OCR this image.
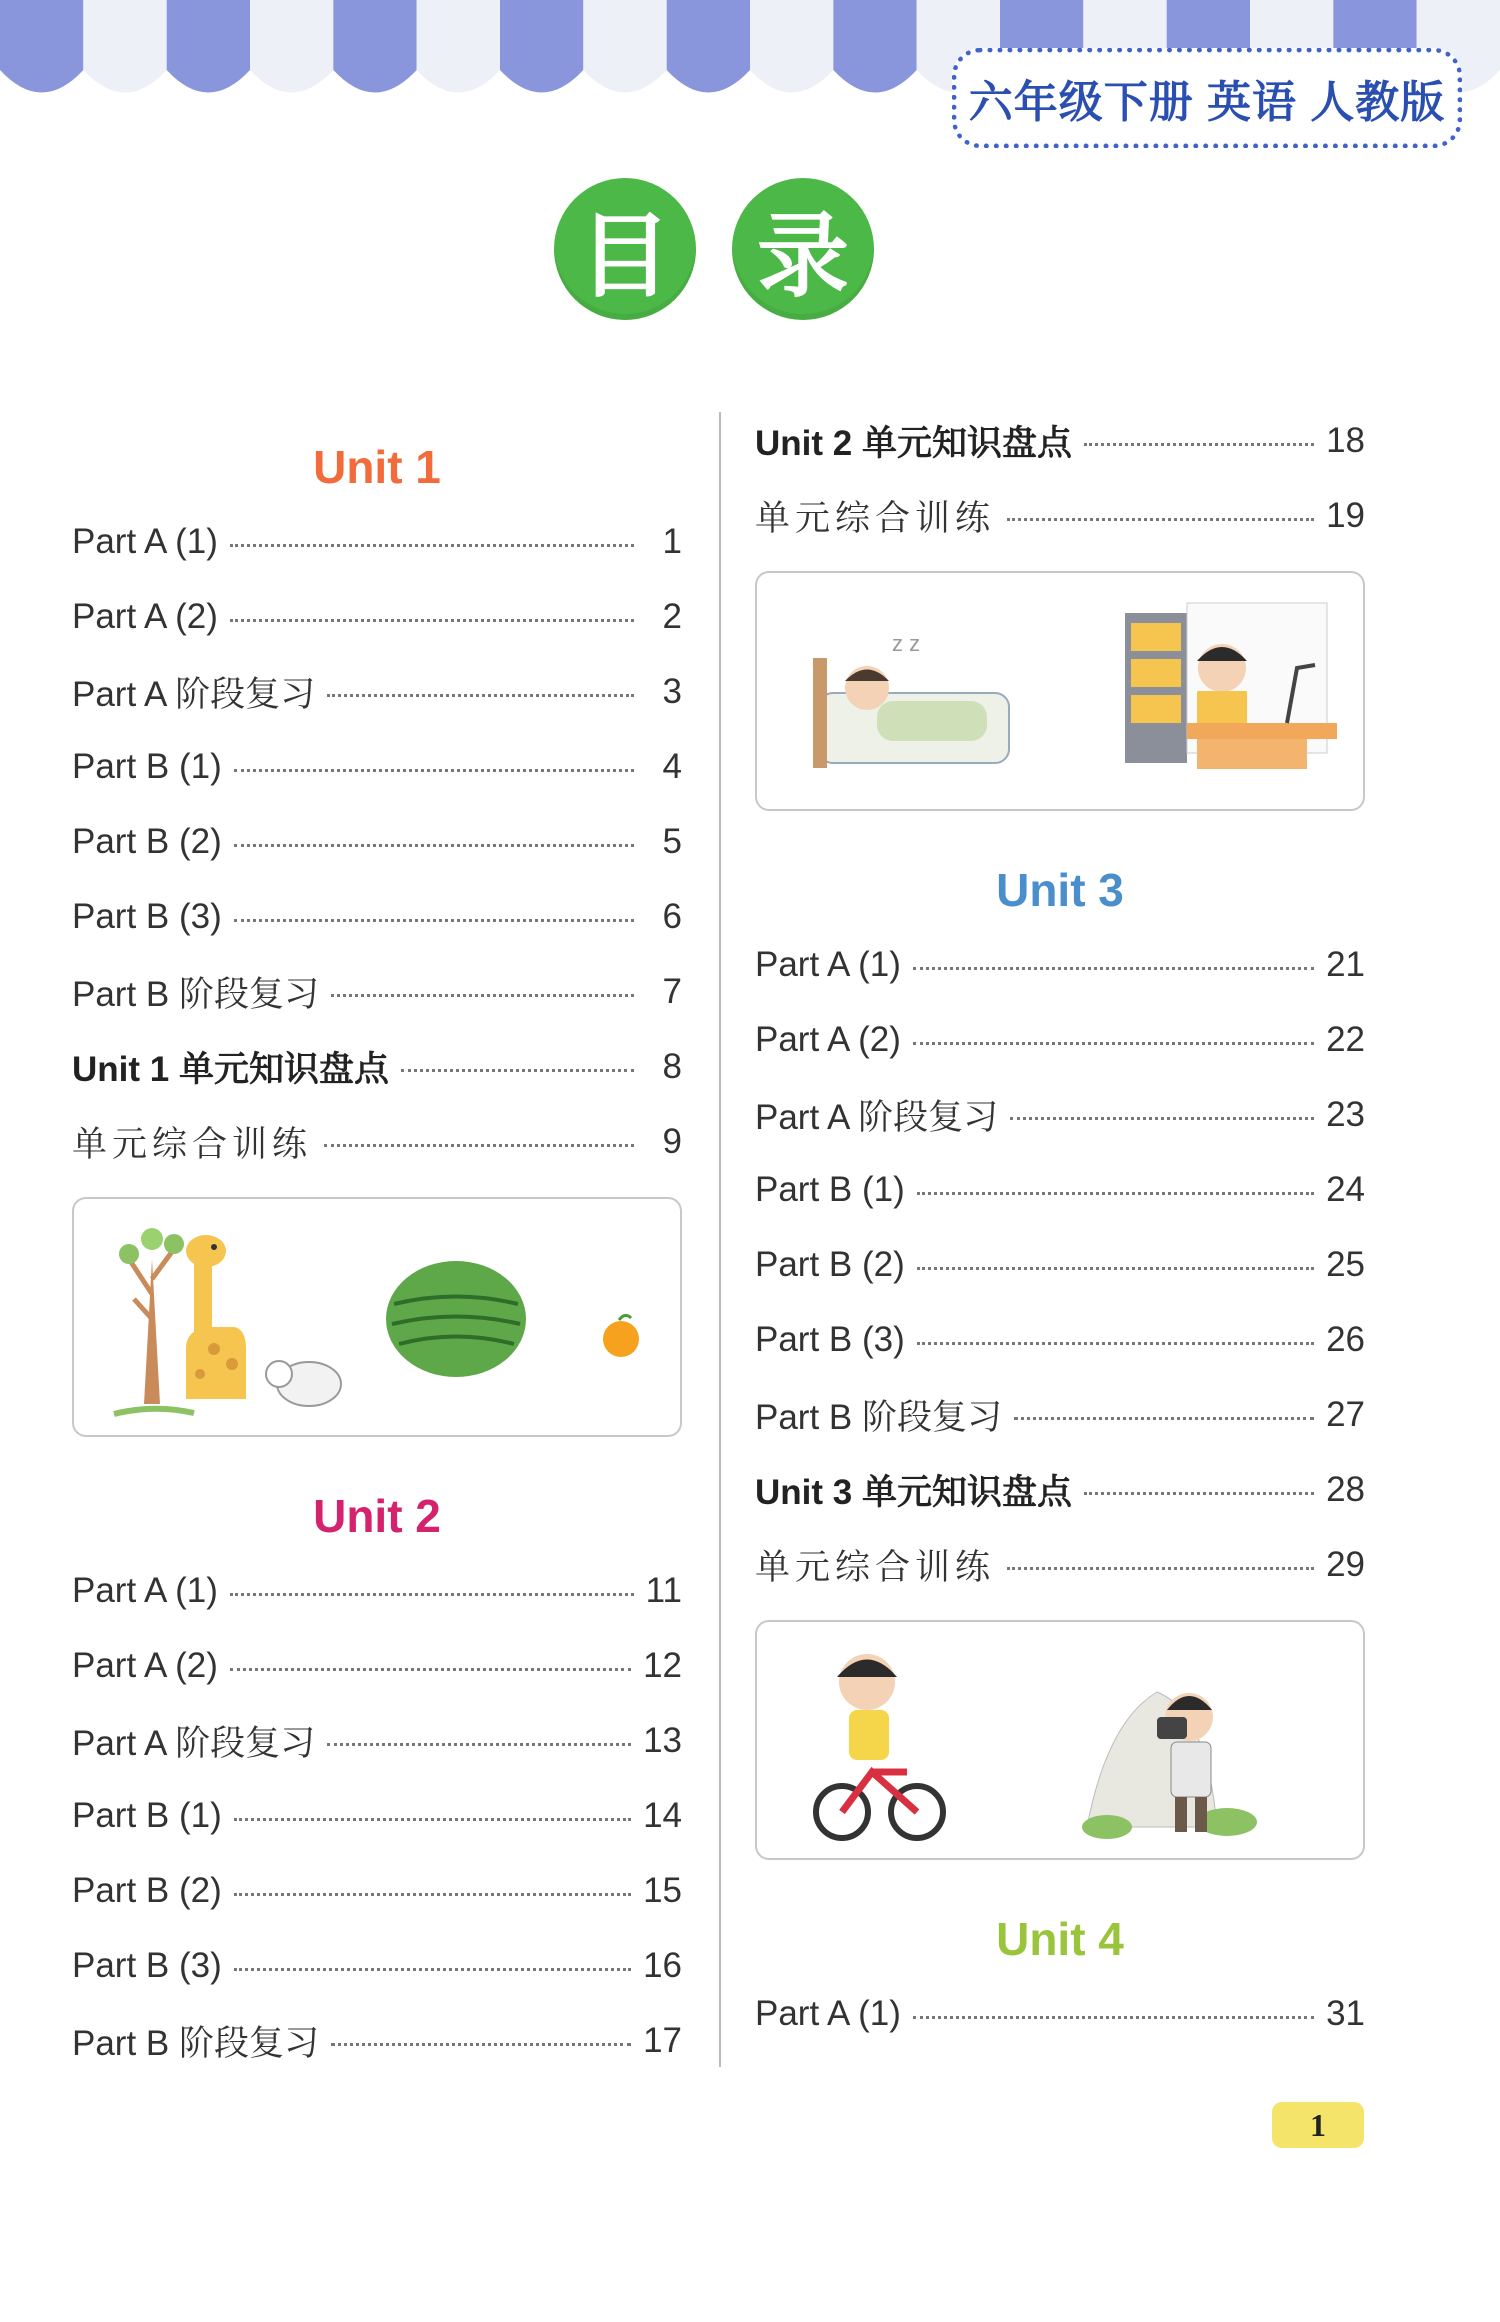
六年级下册 英语 人教版
目 录
Unit 1
Part A (1)	1
Part A (2)	2
Part A 阶段复习	3
Part B (1)	4
Part B (2)	5
Part B (3)	6
Part B 阶段复习	7
Unit 1 单元知识盘点	8
单元综合训练	9
Unit 2
Part A (1)	11
Part A (2)	12
Part A 阶段复习	13
Part B (1)	14
Part B (2)	15
Part B (3)	16
Part B 阶段复习	17
Unit 2 单元知识盘点	18
单元综合训练	19
z z
Unit 3
Part A (1)	21
Part A (2)	22
Part A 阶段复习	23
Part B (1)	24
Part B (2)	25
Part B (3)	26
Part B 阶段复习	27
Unit 3 单元知识盘点	28
单元综合训练	29
Unit 4
Part A (1)	31
1
